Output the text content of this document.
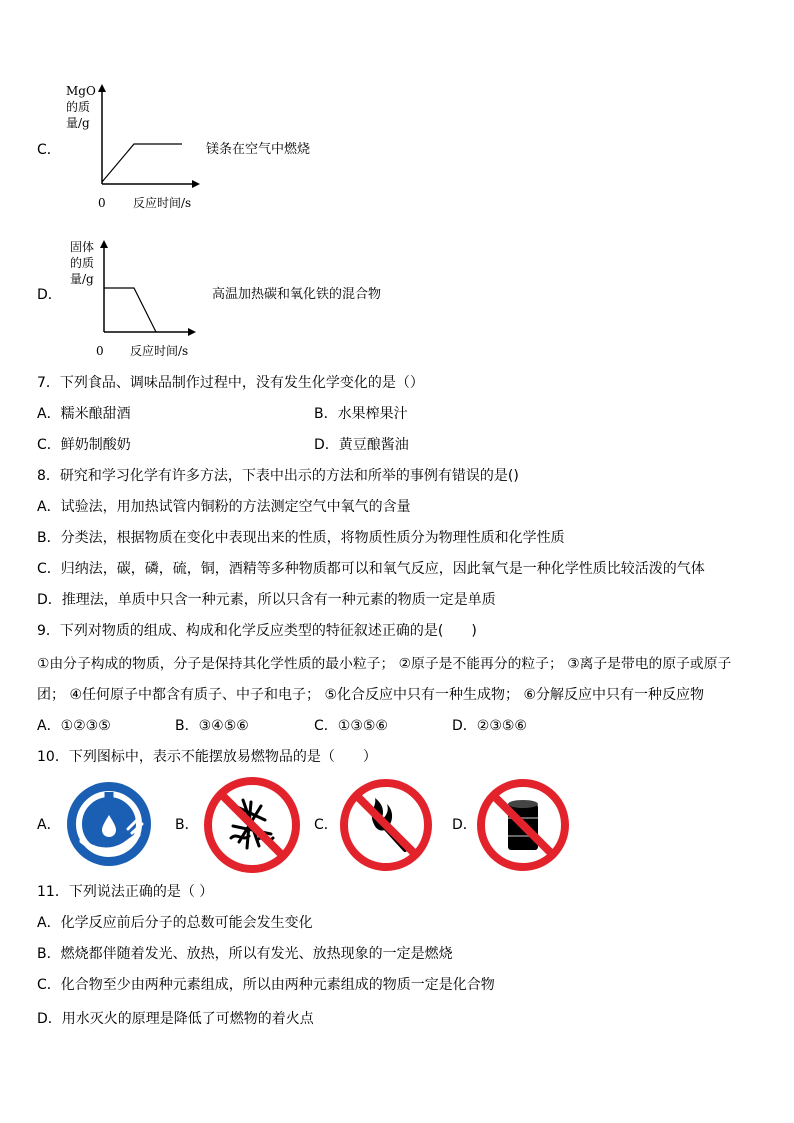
C．
MgO
的质
量/g
0 反应时间/s
镁条在空气中燃烧
D．
固体
的质
量/g
0 反应时间/s
高温加热碳和氧化铁的混合物
7．下列食品、调味品制作过程中，没有发生化学变化的是（）
A．糯米酿甜酒	B．水果榨果汁
C．鲜奶制酸奶	D．黄豆酿酱油
8．研究和学习化学有许多方法，下表中出示的方法和所举的事例有错误的是()
A．试验法，用加热试管内铜粉的方法测定空气中氧气的含量
B．分类法，根据物质在变化中表现出来的性质，将物质性质分为物理性质和化学性质
C．归纳法，碳，磷，硫，铜，酒精等多种物质都可以和氧气反应，因此氧气是一种化学性质比较活泼的气体
D．推理法，单质中只含一种元素，所以只含有一种元素的物质一定是单质
9．下列对物质的组成、构成和化学反应类型的特征叙述正确的是(　　)
①由分子构成的物质，分子是保持其化学性质的最小粒子； ②原子是不能再分的粒子； ③离子是带电的原子或原子
团； ④任何原子中都含有质子、中子和电子； ⑤化合反应中只有一种生成物； ⑥分解反应中只有一种反应物
A．①②③⑤	B．③④⑤⑥	C．①③⑤⑥	D．②③⑤⑥
10．下列图标中，表示不能摆放易燃物品的是（　　）
A．	B．	C．	D．
11．下列说法正确的是（ ）
A．化学反应前后分子的总数可能会发生变化
B．燃烧都伴随着发光、放热，所以有发光、放热现象的一定是燃烧
C．化合物至少由两种元素组成，所以由两种元素组成的物质一定是化合物
D．用水灭火的原理是降低了可燃物的着火点
